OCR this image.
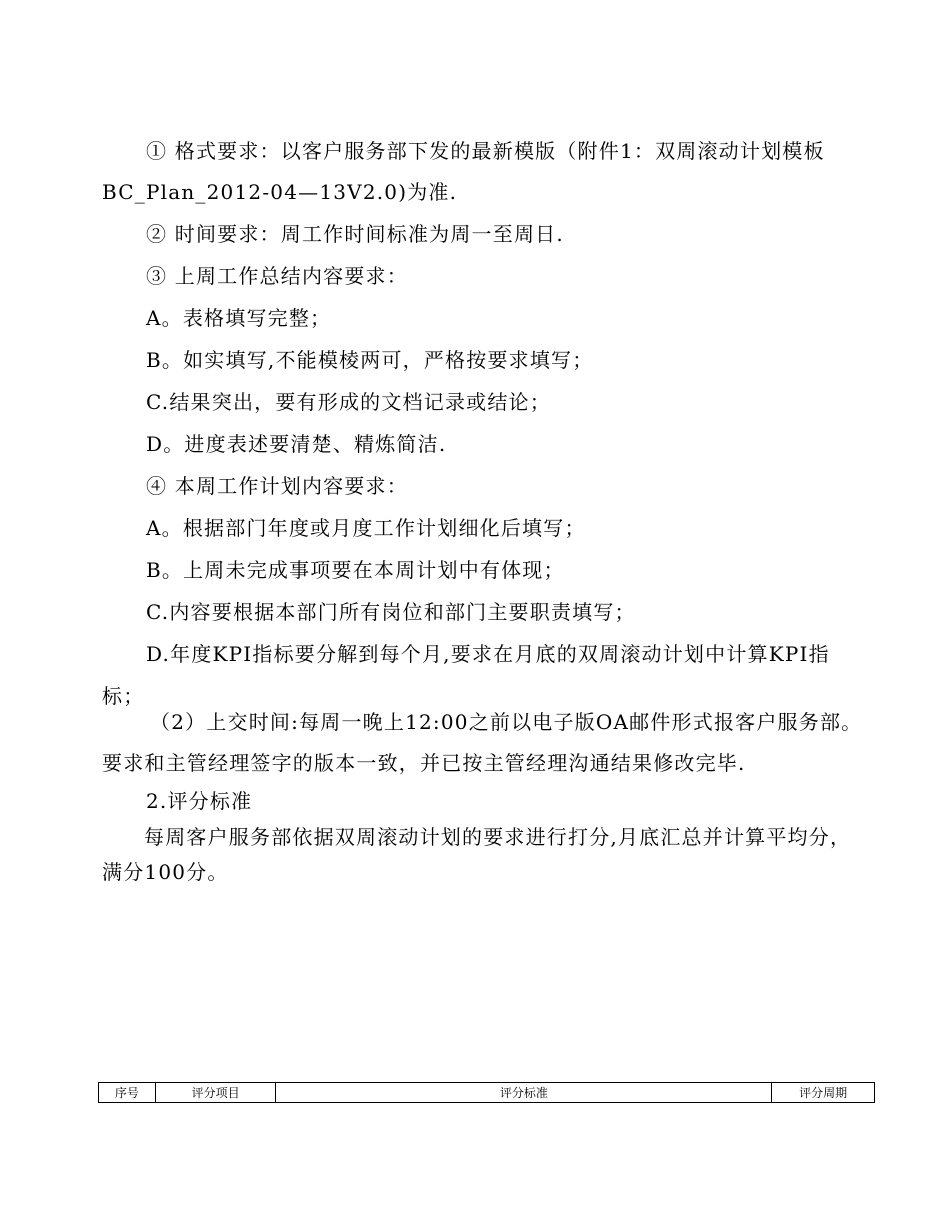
① 格式要求：以客户服务部下发的最新模版（附件1：双周滚动计划模板
BC_Plan_2012-04—13V2.0)为准.
② 时间要求：周工作时间标准为周一至周日.
③ 上周工作总结内容要求：
A。表格填写完整；
B。如实填写,不能模棱两可，严格按要求填写；
C.结果突出，要有形成的文档记录或结论；
D。进度表述要清楚、精炼简洁.
④ 本周工作计划内容要求：
A。根据部门年度或月度工作计划细化后填写；
B。上周未完成事项要在本周计划中有体现；
C.内容要根据本部门所有岗位和部门主要职责填写；
D.年度KPI指标要分解到每个月,要求在月底的双周滚动计划中计算KPI指
标；
（2）上交时间:每周一晚上12:00之前以电子版OA邮件形式报客户服务部。
要求和主管经理签字的版本一致，并已按主管经理沟通结果修改完毕.
2.评分标准
每周客户服务部依据双周滚动计划的要求进行打分,月底汇总并计算平均分，
满分100分。
序号	评分项目	评分标准	评分周期
